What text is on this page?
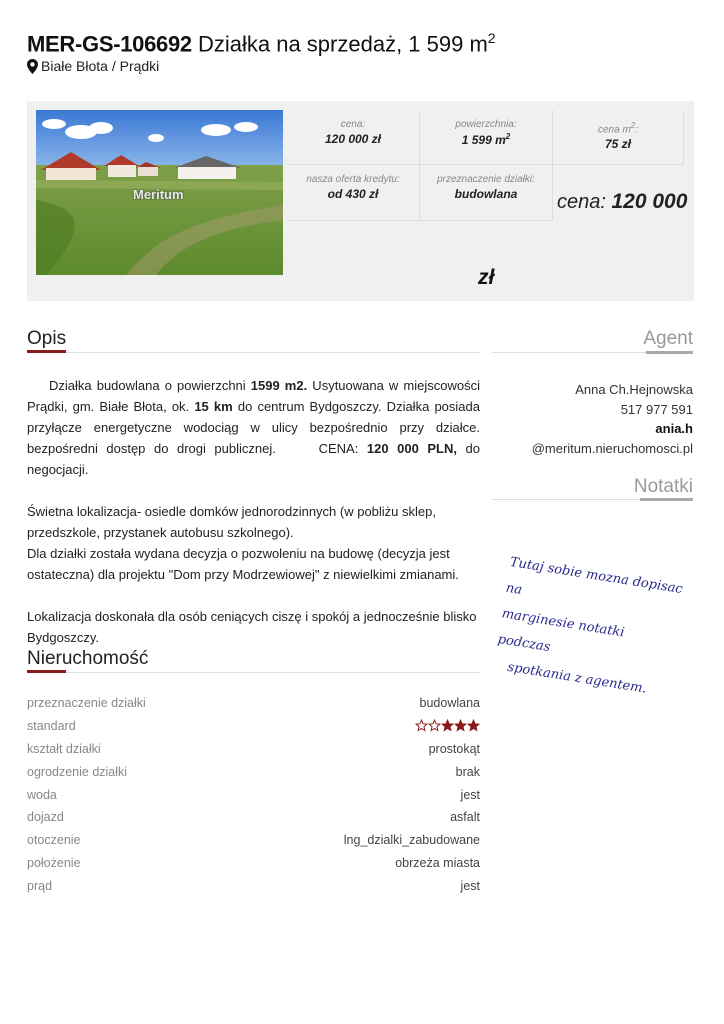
MER-GS-106692 Działka na sprzedaż, 1 599 $m^2$
Białe Błota / Prądki
Meritum
cena:
120 000 zł
powierzchnia:
1 599 $m^2$
cena $m^2$:
75 zł
nasza oferta kredytu:
od 430 zł
przeznaczenie działki:
budowlana	cena: 120 000
zł
Opis

Działka budowlana o powierzchni 1599 m2. Usytuowana w miejscowości Prądki, gm. Białe Błota, ok. 15 km do centrum Bydgoszczy. Działka posiada przyłącze energetyczne wodociąg w ulicy bezpośrednio przy działce. bezpośredni dostęp do drogi publicznej.	CENA: 120 000 PLN, do negocjacji.

Świetna lokalizacja- osiedle domków jednorodzinnych (w pobliżu sklep, przedszkole, przystanek autobusu szkolnego).

Dla działki została wydana decyzja o pozwoleniu na budowę (decyzja jest ostateczna) dla projektu "Dom przy Modrzewiowej" z niewielkimi zmianami.

Lokalizacja doskonała dla osób ceniących ciszę i spokój a jednocześnie blisko Bydgoszczy.

Nieruchomość
przeznaczenie działki	budowlana
standard
kształt działki	prostokąt
ogrodzenie działki	brak
woda	jest
dojazd	asfalt
otoczenie	lng_dzialki_zabudowane
położenie	obrzeża miasta
prąd	jest
Agent
Anna Ch.Hejnowska
517 977 591
ania.h
@meritum.nieruchomosci.pl
Notatki
Tutaj sobie mozna dopisac na
marginesie notatki podczas
spotkania z agentem.
